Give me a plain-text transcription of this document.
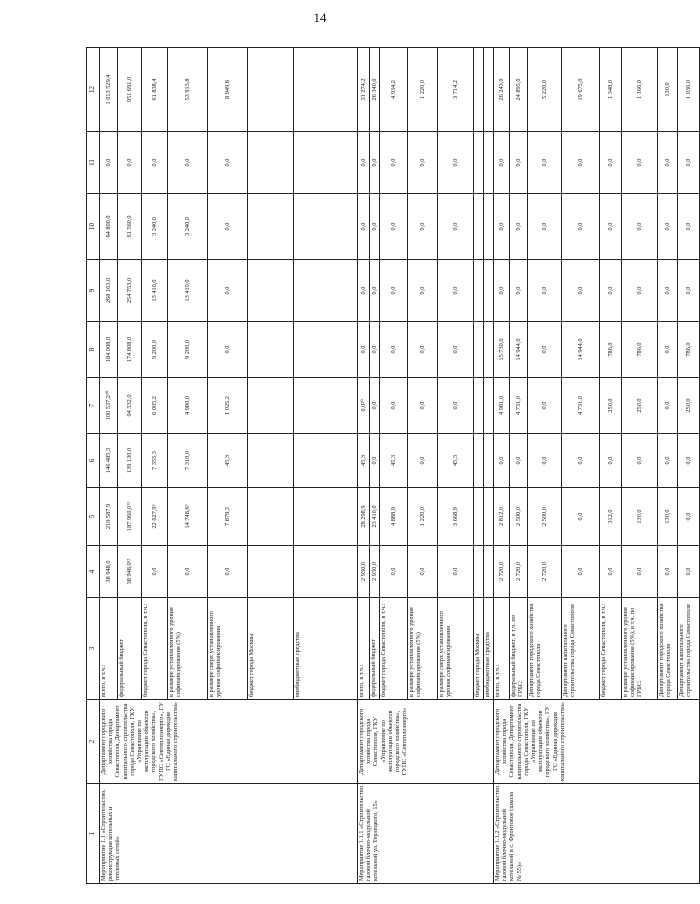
14

1	2	3	4	5	6	7	8	9	10	11	12
Мероприятие 1.1 «Строительство, реконструкция котельных и тепловых сетей»	Департамент городского хозяйства города Севастополя, Департамент капитального строительства города Севастополя, ГКУ «Управление по эксплуатации объектов городского хозяйства», ГУПС «Севтеплоэнерго», ГУ ГС «Единая дирекция капитального строительства»	всего, в т.ч.:	38 948,0	210 587,9	146 485,3	100 537,2²⁰	184 008,0	268 163,0	64 800,0	0,0	1 013 529,4
		федеральный бюджет	38 948,0¹²	187 960,0¹³	139 130,0	94 532,0	174 808,0	254 753,0	61 560,0	0,0	951 691,0
		бюджет города Севастополя, в т.ч.:	0,0	22 627,9³	7 355,3	6 005,2	9 200,0	13 410,0	3 240,0	0,0	61 838,4
		в размере установленного уровня софинансирования (5%)	0,0	14 748,6³	7 310,0	4 980,0	9 200,0	13 410,0	3 240,0	0,0	53 913,8
		в размере сверх установленного уровня софинансирования	0,0	7 879,3	45,3	1 025,2	0,0	0,0	0,0	0,0	8 949,8
		бюджет города Москвы									
		внебюджетные средства									
Мероприятие 1.1.1 «Строительство газовой блочно-модульной котельной ул. Терлецкого, 15»	Департамент городского хозяйства города Севастополя, ГКУ «Управление по эксплуатации объектов городского хозяйства», ГУПС «Севтеплоэнерго»	всего, в т.ч.:	2 930,0	28 298,9	45,3	0,0²⁰	0,0	0,0	0,0	0,0	31 274,2
		федеральный бюджет	2 930,0	23 410,0	0,0	0,0	0,0	0,0	0,0	0,0	26 340,0
		бюджет города Севастополя, в т.ч.:	0,0	4 888,9	45,3	0,0	0,0	0,0	0,0	0,0	4 934,2
		в размере установленного уровня софинансирования (5%)	0,0	1 220,0	0,0	0,0	0,0	0,0	0,0	0,0	1 220,0
		в размере сверх установленного уровня софинансирования	0,0	3 668,9	45,3	0,0	0,0	0,0	0,0	0,0	3 714,2
		бюджет города Москвы									
		внебюджетные средства									
Мероприятие 1.1.2 «Строительство газовой блочно-модульной котельной в с. Фронтовое (школа № 55)»	Департамент городского хозяйства города Севастополя, Департамент капитального строительства города Севастополя, ГКУ «Управление по эксплуатации объектов городского хозяйства», ГУ ГС «Единая дирекция капитального строительства»	всего, в т.ч.:	2 720,0	2 812,0	0,0	4 981,0	15 730,0	0,0	0,0	0,0	26 243,0
		федеральный бюджет, в т.ч. по ГРБС:	2 720,0	2 500,0	0,0	4 731,0	14 944,0	0,0	0,0	0,0	24 895,0
		Департамент городского хозяйства города Севастополя	2 720,0	2 500,0	0,0	0,0	0,0	0,0	0,0	0,0	5 220,0
		Департамент капитального строительства города Севастополя	0,0	0,0	0,0	4 731,0	14 944,0	0,0	0,0	0,0	19 675,0
		бюджет города Севастополя, в т.ч.:	0,0	312,0	0,0	250,0	786,0	0,0	0,0	0,0	1 348,0
		в размере установленного уровня софинансирования (5%), в т.ч. по ГРБС:	0,0	130,0	0,0	250,0	786,0	0,0	0,0	0,0	1 166,0
		Департамент городского хозяйства города Севастополя	0,0	130,0	0,0	0,0	0,0	0,0	0,0	0,0	130,0
		Департамент капитального строительства города Севастополя	0,0	0,0	0,0	250,0	786,0	0,0	0,0	0,0	1 036,0
